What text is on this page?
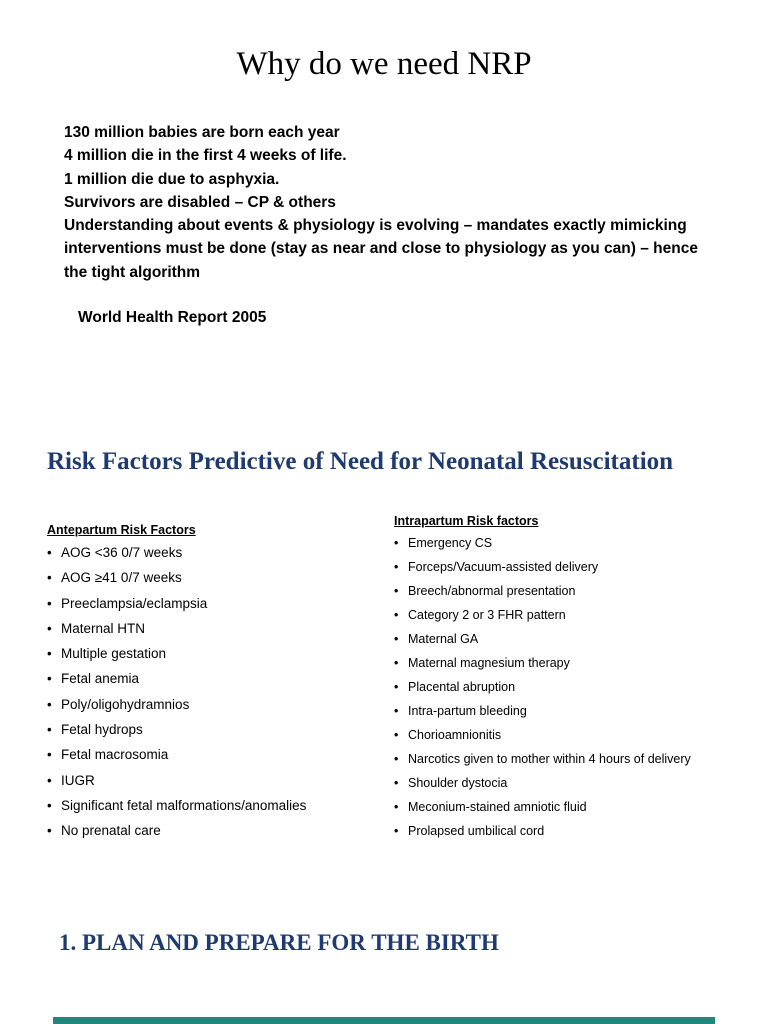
Why do we need NRP
130 million babies are born each year
4 million die in the first 4 weeks of life.
1 million die due to asphyxia.
Survivors are disabled – CP & others
Understanding about events & physiology is evolving – mandates exactly mimicking interventions must be done (stay as near and close to physiology as you can) – hence the tight algorithm
World Health Report 2005
Risk Factors Predictive of Need for Neonatal Resuscitation
Antepartum Risk Factors
• AOG <36 0/7 weeks
• AOG ≥41 0/7 weeks
• Preeclampsia/eclampsia
• Maternal HTN
• Multiple gestation
• Fetal anemia
• Poly/oligohydramnios
• Fetal hydrops
• Fetal macrosomia
• IUGR
• Significant fetal malformations/anomalies
• No prenatal care
Intrapartum Risk factors
• Emergency CS
• Forceps/Vacuum-assisted delivery
• Breech/abnormal presentation
• Category 2 or 3 FHR pattern
• Maternal GA
• Maternal magnesium therapy
• Placental abruption
• Intra-partum bleeding
• Chorioamnionitis
• Narcotics given to mother within 4 hours of delivery
• Shoulder dystocia
• Meconium-stained amniotic fluid
• Prolapsed umbilical cord
1. PLAN AND PREPARE FOR THE BIRTH
